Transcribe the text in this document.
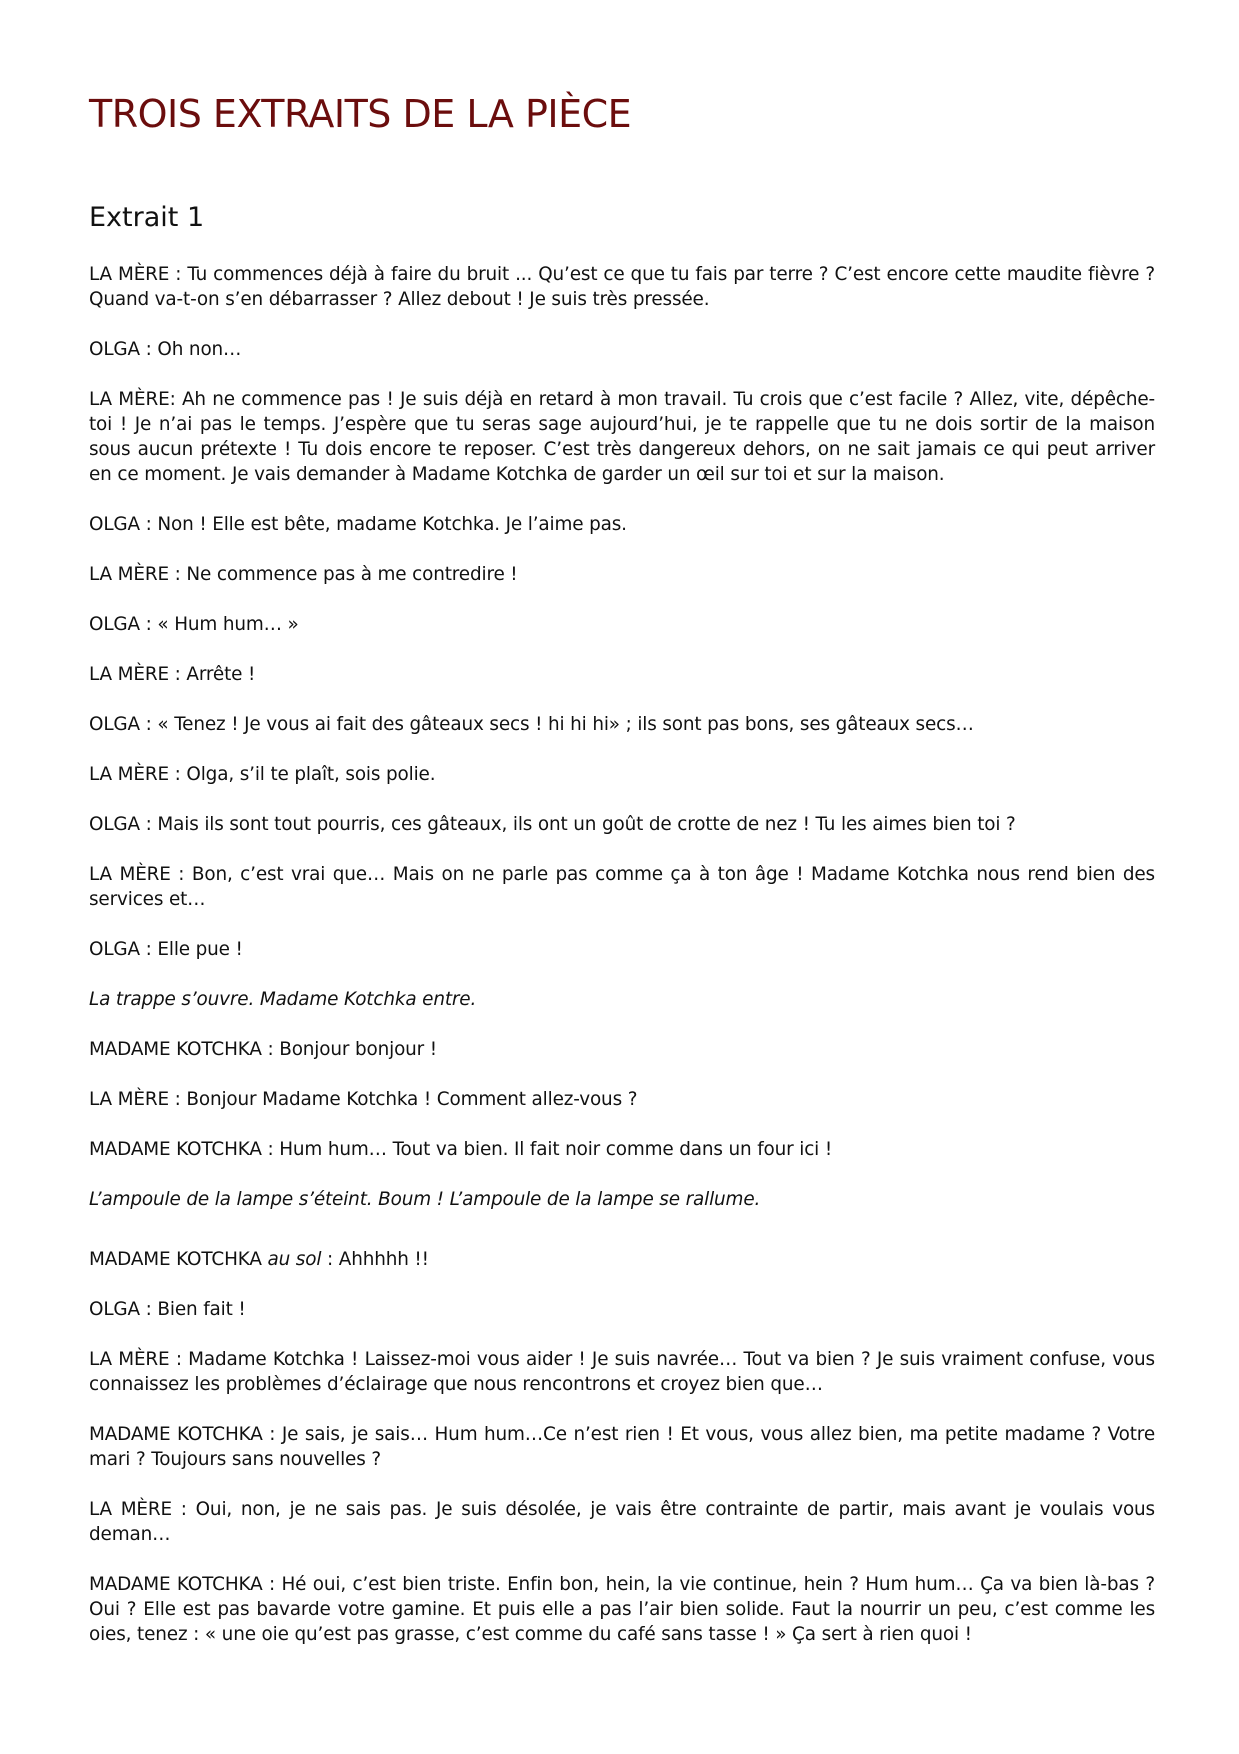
TROIS EXTRAITS DE LA PIÈCE
Extrait 1

LA MÈRE : Tu commences déjà à faire du bruit ... Qu’est ce que tu fais par terre ? C’est encore cette maudite fièvre ? Quand va-t-on s’en débarrasser ? Allez debout ! Je suis très pressée.

OLGA : Oh non…

LA MÈRE: Ah ne commence pas ! Je suis déjà en retard à mon travail. Tu crois que c’est facile ? Allez, vite, dépêche-toi ! Je n’ai pas le temps. J’espère que tu seras sage aujourd’hui, je te rappelle que tu ne dois sortir de la maison sous aucun prétexte ! Tu dois encore te reposer. C’est très dangereux dehors, on ne sait jamais ce qui peut arriver en ce moment. Je vais demander à Madame Kotchka de garder un œil sur toi et sur la maison.

OLGA : Non ! Elle est bête, madame Kotchka. Je l’aime pas.

LA MÈRE : Ne commence pas à me contredire !

OLGA : « Hum hum… »

LA MÈRE : Arrête !

OLGA : « Tenez ! Je vous ai fait des gâteaux secs ! hi hi hi» ; ils sont pas bons, ses gâteaux secs…

LA MÈRE : Olga, s’il te plaît, sois polie.

OLGA : Mais ils sont tout pourris, ces gâteaux, ils ont un goût de crotte de nez ! Tu les aimes bien toi ?

LA MÈRE : Bon, c’est vrai que… Mais on ne parle pas comme ça à ton âge ! Madame Kotchka nous rend bien des services et…

OLGA : Elle pue !

La trappe s’ouvre. Madame Kotchka entre.

MADAME KOTCHKA : Bonjour bonjour !

LA MÈRE : Bonjour Madame Kotchka ! Comment allez-vous ?

MADAME KOTCHKA : Hum hum… Tout va bien. Il fait noir comme dans un four ici !

L’ampoule de la lampe s’éteint. Boum ! L’ampoule de la lampe se rallume.

MADAME KOTCHKA au sol : Ahhhhh !!

OLGA : Bien fait !

LA MÈRE : Madame Kotchka ! Laissez-moi vous aider ! Je suis navrée… Tout va bien ? Je suis vraiment confuse, vous connaissez les problèmes d’éclairage que nous rencontrons et croyez bien que…

MADAME KOTCHKA : Je sais, je sais… Hum hum…Ce n’est rien ! Et vous, vous allez bien, ma petite madame ? Votre mari ? Toujours sans nouvelles ?

LA MÈRE : Oui, non, je ne sais pas. Je suis désolée, je vais être contrainte de partir, mais avant je voulais vous deman…

MADAME KOTCHKA : Hé oui, c’est bien triste. Enfin bon, hein, la vie continue, hein ? Hum hum… Ça va bien là-bas ? Oui ? Elle est pas bavarde votre gamine. Et puis elle a pas l’air bien solide. Faut la nourrir un peu, c’est comme les oies, tenez : « une oie qu’est pas grasse, c’est comme du café sans tasse ! » Ça sert à rien quoi !
